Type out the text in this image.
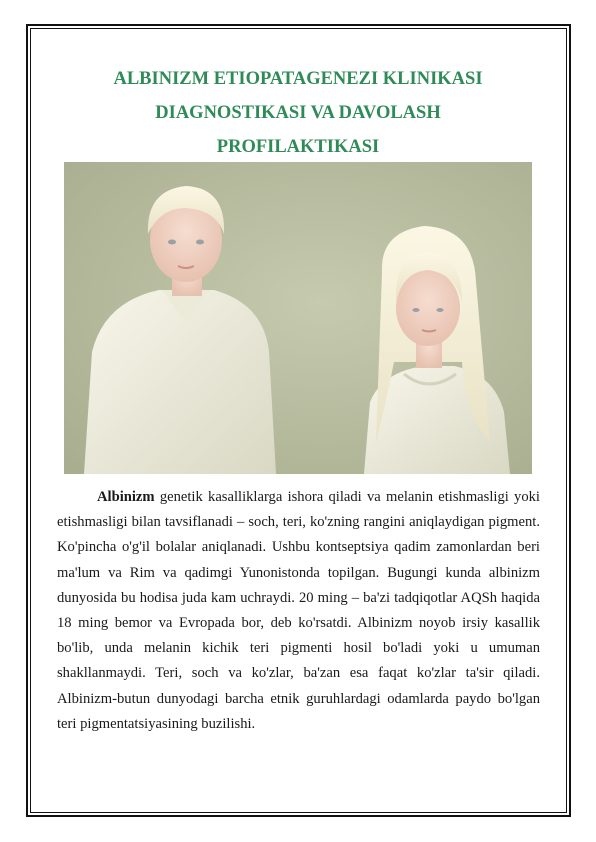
ALBINIZM ETIOPATAGENEZI KLINIKASI
DIAGNOSTIKASI VA DAVOLASH
PROFILAKTIKASI

Albinizm genetik kasalliklarga ishora qiladi va melanin etishmasligi yoki etishmasligi bilan tavsiflanadi – soch, teri, ko'zning rangini aniqlaydigan pigment. Ko'pincha o'g'il bolalar aniqlanadi. Ushbu kontseptsiya qadim zamonlardan beri ma'lum va Rim va qadimgi Yunonistonda topilgan. Bugungi kunda albinizm dunyosida bu hodisa juda kam uchraydi. 20 ming – ba'zi tadqiqotlar AQSh haqida 18 ming bemor va Evropada bor, deb ko'rsatdi. Albinizm noyob irsiy kasallik bo'lib, unda melanin kichik teri pigmenti hosil bo'ladi yoki u umuman shakllanmaydi. Teri, soch va ko'zlar, ba'zan esa faqat ko'zlar ta'sir qiladi. Albinizm-butun dunyodagi barcha etnik guruhlardagi odamlarda paydo bo'lgan teri pigmentatsiyasining buzilishi.
